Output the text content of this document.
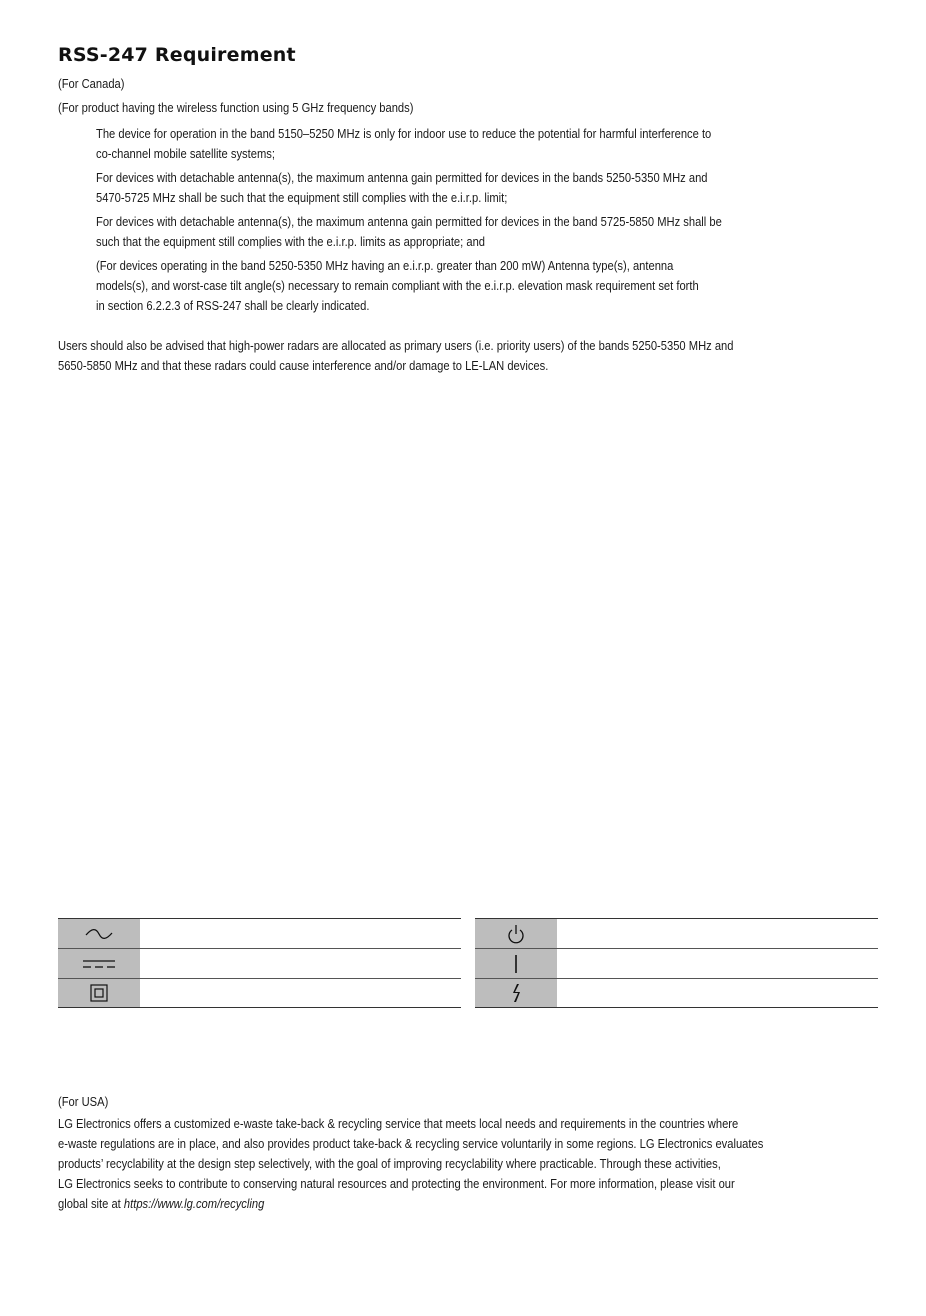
RSS-247 Requirement
(For Canada)
(For product having the wireless function using 5 GHz frequency bands)
The device for operation in the band 5150–5250 MHz is only for indoor use to reduce the potential for harmful interference to
co-channel mobile satellite systems;
For devices with detachable antenna(s), the maximum antenna gain permitted for devices in the bands 5250-5350 MHz and
5470-5725 MHz shall be such that the equipment still complies with the e.i.r.p. limit;
For devices with detachable antenna(s), the maximum antenna gain permitted for devices in the band 5725-5850 MHz shall be
such that the equipment still complies with the e.i.r.p. limits as appropriate; and
(For devices operating in the band 5250-5350 MHz having an e.i.r.p. greater than 200 mW) Antenna type(s), antenna
models(s), and worst-case tilt angle(s) necessary to remain compliant with the e.i.r.p. elevation mask requirement set forth
in section 6.2.2.3 of RSS-247 shall be clearly indicated.
Users should also be advised that high-power radars are allocated as primary users (i.e. priority users) of the bands 5250-5350 MHz and
5650-5850 MHz and that these radars could cause interference and/or damage to LE-LAN devices.
(For USA)
LG Electronics offers a customized e-waste take-back & recycling service that meets local needs and requirements in the countries where
e-waste regulations are in place, and also provides product take-back & recycling service voluntarily in some regions. LG Electronics evaluates
products’ recyclability at the design step selectively, with the goal of improving recyclability where practicable. Through these activities,
LG Electronics seeks to contribute to conserving natural resources and protecting the environment. For more information, please visit our
global site at https://www.lg.com/recycling
